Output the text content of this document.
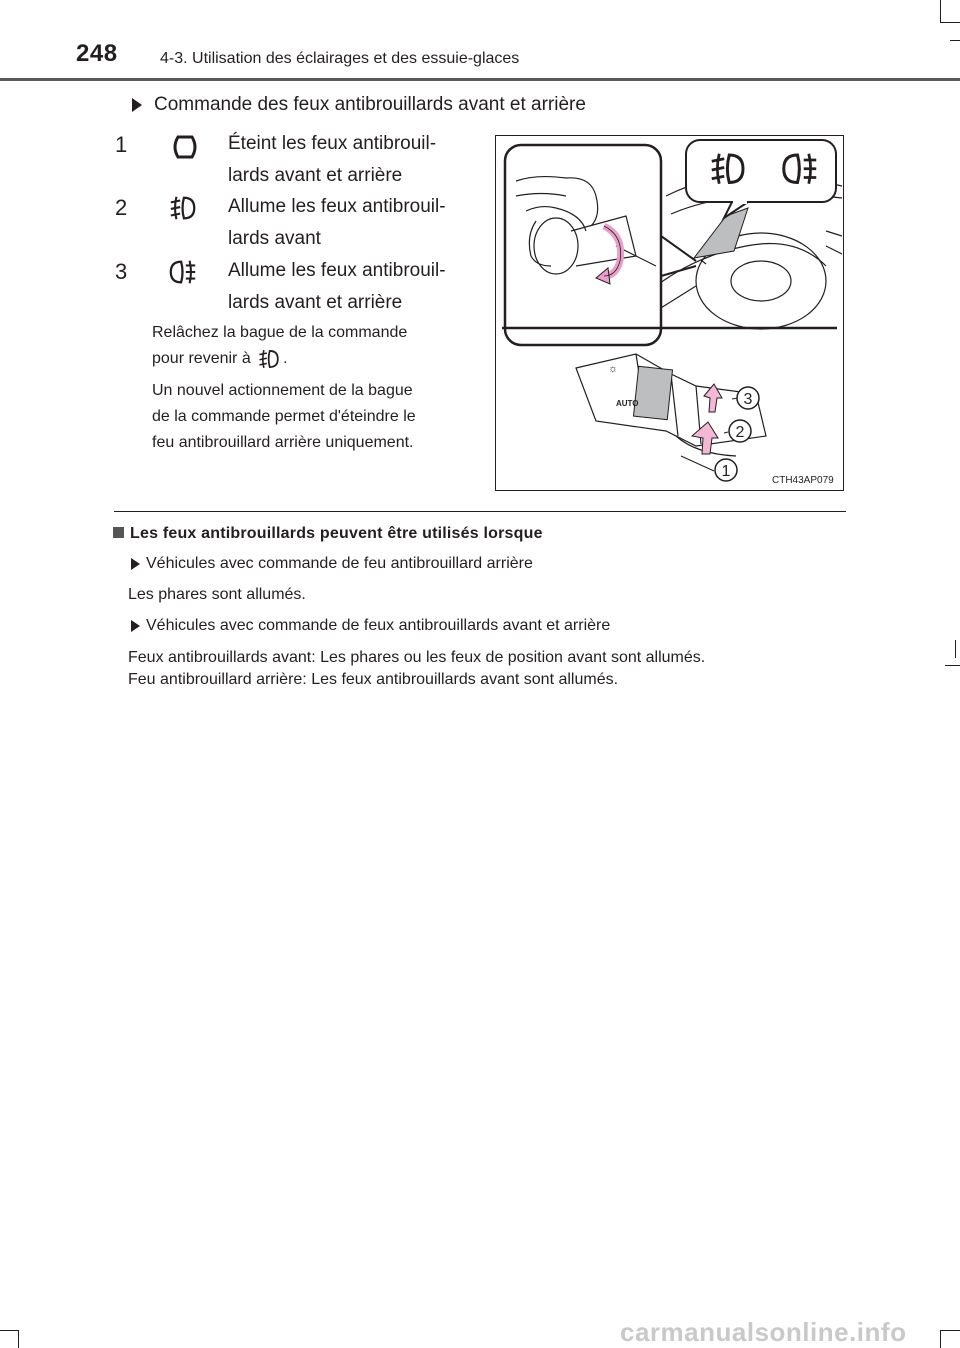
248	4-3. Utilisation des éclairages et des essuie-glaces
Commande des feux antibrouillards avant et arrière
1	Éteint les feux antibrouil-
lards avant et arrière
2	Allume les feux antibrouil-
lards avant
3	Allume les feux antibrouil-
lards avant et arrière
Relâchez la bague de la commande
pour revenir à .
Un nouvel actionnement de la bague
de la commande permet d'éteindre le
feu antibrouillard arrière uniquement.
☼
AUTO	3
2
1
CTH43AP079
Les feux antibrouillards peuvent être utilisés lorsque
Véhicules avec commande de feu antibrouillard arrière
Les phares sont allumés.
Véhicules avec commande de feux antibrouillards avant et arrière
Feux antibrouillards avant: Les phares ou les feux de position avant sont allumés.
Feu antibrouillard arrière: Les feux antibrouillards avant sont allumés.
carmanualsonline.info
